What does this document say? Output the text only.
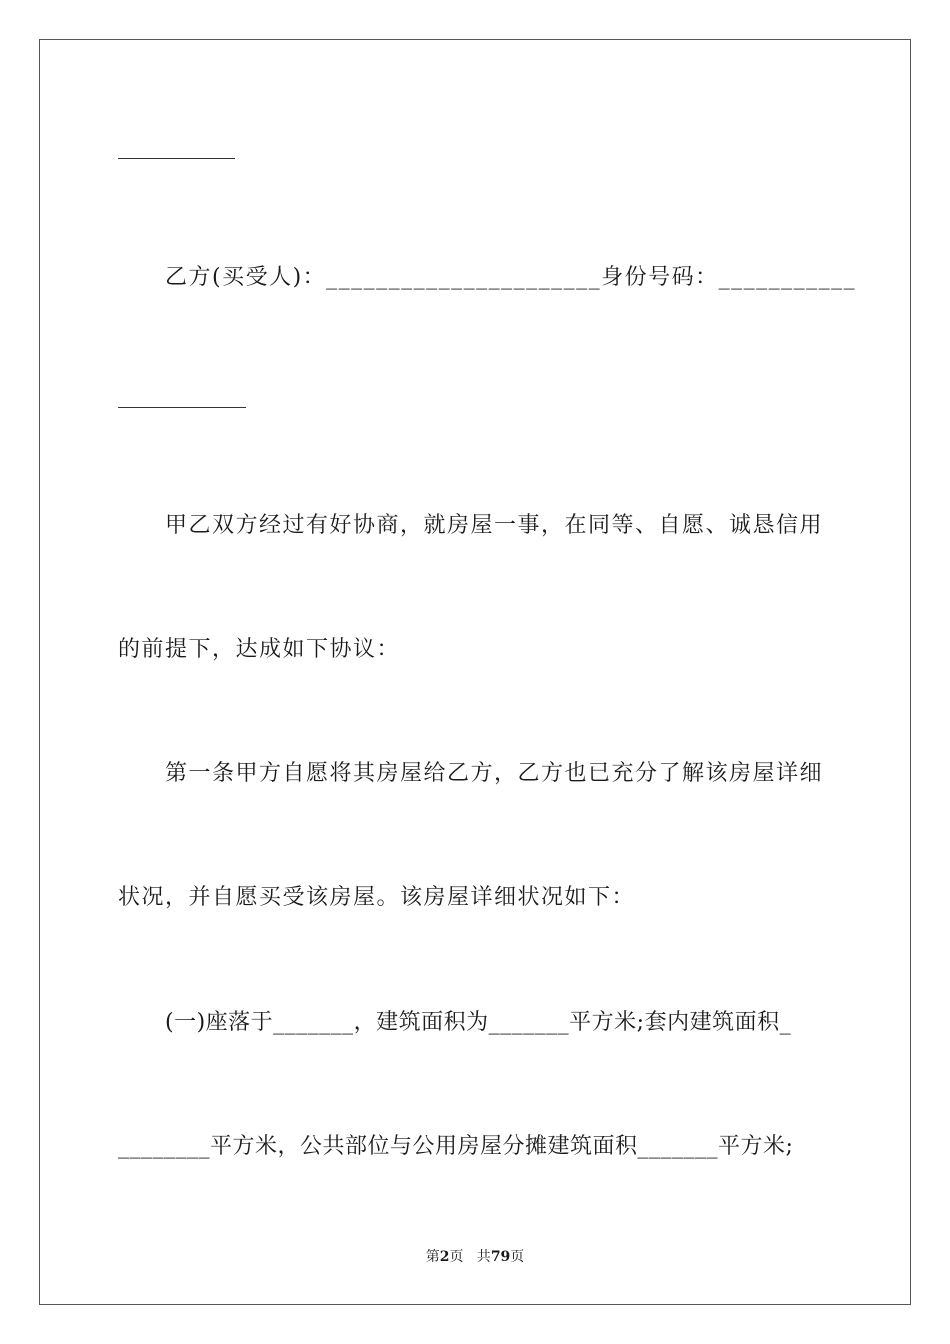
乙方(买受人)：______________________身份号码：___________
甲乙双方经过有好协商，就房屋一事，在同等、自愿、诚恳信用
的前提下，达成如下协议：
第一条甲方自愿将其房屋给乙方，乙方也已充分了解该房屋详细
状况，并自愿买受该房屋。该房屋详细状况如下：
(一)座落于_______，建筑面积为_______平方米;套内建筑面积_
________平方米，公共部位与公用房屋分摊建筑面积_______平方米;
第2页   共79页
